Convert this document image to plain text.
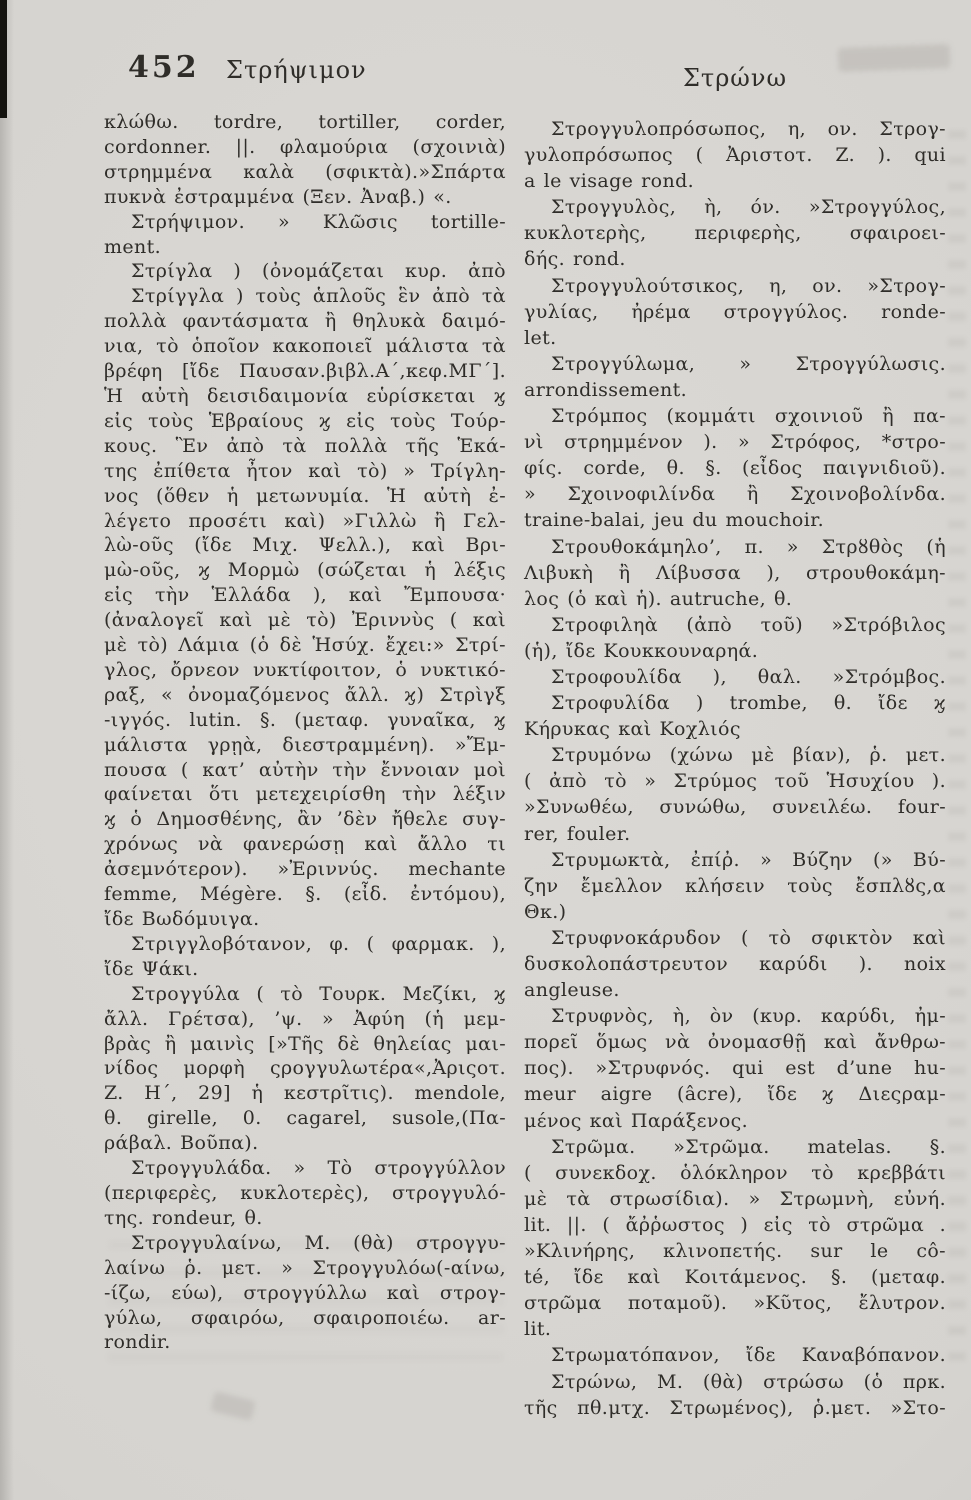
452 Στρήψιμον	Στρώνω
κλώθω. tordre, tortiller, corder,
cordonner. ||. φλαμούρια (σχοινιὰ)
στρημμένα καλὰ (σφικτὰ).»Σπάρτα
πυκνὰ ἐστραμμένα (Ξεν. Ἀναβ.) «.
Στρήψιμον. » Κλῶσις tortille-
ment.
Στρίγλα ) (ὀνομάζεται κυρ. ἀπὸ
Στρίγγλα ) τοὺς ἁπλοῦς ἓν ἀπὸ τὰ
πολλὰ φαντάσματα ἢ θηλυκὰ δαιμό-
νια, τὸ ὁποῖον κακοποιεῖ μάλιστα τὰ
βρέφη [ἴδε Παυσαν.βιβλ.Α΄,κεφ.ΜΓ΄].
Ἡ αὐτὴ δεισιδαιμονία εὑρίσκεται ϗ
εἰς τοὺς Ἑβραίους ϗ εἰς τοὺς Τούρ-
κους. Ἓν ἀπὸ τὰ πολλὰ τῆς Ἑκά-
της ἐπίθετα ἦτον καὶ τὸ) » Τρίγλη-
νος (ὅθεν ἡ μετωνυμία. Ἡ αὐτὴ ἐ-
λέγετο προσέτι καὶ) »Γιλλὼ ἢ Γελ-
λὼ-οῦς (ἴδε Μιχ. Ψελλ.), καὶ Βρι-
μὼ-οῦς, ϗ Μορμὼ (σώζεται ἡ λέξις
εἰς τὴν Ἑλλάδα ), καὶ Ἔμπουσα·
(ἀναλογεῖ καὶ μὲ τὸ) Ἐριννὺς ( καὶ
μὲ τὸ) Λάμια (ὁ δὲ Ἡσύχ. ἔχει:» Στρί-
γλος, ὄρνεον νυκτίφοιτον, ὁ νυκτικό-
ραξ, « ὀνομαζόμενος ἄλλ. ϗ) Στρὶγξ
-ιγγός. lutin. §. (μεταφ. γυναῖκα, ϗ
μάλιστα γρῃὰ, διεστραμμένη). »Ἔμ-
πουσα ( κατ’ αὐτὴν τὴν ἔννοιαν μοὶ
φαίνεται ὅτι μετεχειρίσθη τὴν λέξιν
ϗ ὁ Δημοσθένης, ἂν ’δὲν ἤθελε συγ-
χρόνως νὰ φανερώσῃ καὶ ἄλλο τι
ἀσεμνότερον). »Ἐριννύς. mechante
femme, Mégère. §. (εἶδ. ἐντόμου),
ἴδε Βωδόμυιγα.
Στριγγλοβότανον, φ. ( φαρμακ. ),
ἴδε Ψάκι.
Στρογγύλα ( τὸ Τουρκ. Μεζίκι, ϗ
ἄλλ. Γρέτσα), ’ψ. » Ἀφύη (ἡ μεμ-
βρὰς ἢ μαινὶς [»Τῆς δὲ θηλείας μαι-
νίδος μορφὴ ςρογγυλωτέρα«,Ἀριςοτ.
Z. Η΄, 29] ἡ κεστρῖτις). mendole,
θ. girelle, 0. cagarel, susole,(Πα-
ράβαλ. Βοῦπα).
Στρογγυλάδα. » Τὸ στρογγύλλον
(περιφερὲς, κυκλοτερὲς), στρογγυλό-
της. rondeur, θ.
Στρογγυλαίνω, Μ. (θὰ) στρογγυ-
λαίνω ῥ. μετ. » Στρογγυλόω(-αίνω,
-ίζω, εύω), στρογγύλλω καὶ στρογ-
γύλω, σφαιρόω, σφαιροποιέω. ar-
rondir.
Στρογγυλοπρόσωπος, η, ον. Στρογ-
γυλοπρόσωπος ( Ἀριστοτ. Z. ). qui
a le visage rond.
Στρογγυλὸς, ὴ, όν. »Στρογγύλος,
κυκλοτερὴς, περιφερὴς, σφαιροει-
δής. rond.
Στρογγυλούτσικος, η, ον. »Στρογ-
γυλίας, ἠρέμα στρογγύλος. ronde-
let.
Στρογγύλωμα, » Στρογγύλωσις.
arrondissement.
Στρόμπος (κομμάτι σχοινιοῦ ἢ πα-
νὶ στρημμένον ). » Στρόφος, *στρο-
φίς. corde, θ. §. (εἶδος παιγνιδιοῦ).
» Σχοινοφιλίνδα ἢ Σχοινοβολίνδα.
traine-balai, jeu du mouchoir.
Στρουθοκάμηλο’, π. » Στρȣθὸς (ἡ
Λιβυκὴ ἢ Λίβυσσα ), στρουθοκάμη-
λος (ὁ καὶ ἡ). autruche, θ.
Στροφιληὰ (ἀπὸ τοῦ) »Στρόβιλος
(ἡ), ἴδε Κουκκουναρηά.
Στροφουλίδα ), θαλ. »Στρόμβος.
Στροφυλίδα ) trombe, θ. ἴδε ϗ
Κήρυκας καὶ Κοχλιός
Στρυμόνω (χώνω μὲ βίαν), ῥ. μετ.
( ἀπὸ τὸ » Στρύμος τοῦ Ἡσυχίου ).
»Συνωθέω, συνώθω, συνειλέω. four-
rer, fouler.
Στρυμωκτὰ, ἐπίῤ. » Βύζην (» Βύ-
ζην ἔμελλον κλήσειν τοὺς ἔσπλȣς,α
Θκ.)
Στρυφνοκάρυδον ( τὸ σφικτὸν καὶ
δυσκολοπάστρευτον καρύδι ). noix
angleuse.
Στρυφνὸς, ὴ, ὸν (κυρ. καρύδι, ἠμ-
πορεῖ ὅμως νὰ ὀνομασθῇ καὶ ἄνθρω-
πος). »Στρυφνός. qui est d’une hu-
meur aigre (âcre), ἴδε ϗ Διεςραμ-
μένος καὶ Παράξενος.
Στρῶμα. »Στρῶμα. matelas. §.
( συνεκδοχ. ὁλόκληρον τὸ κρεββάτι
μὲ τὰ στρωσίδια). » Στρωμνὴ, εὐνή.
lit. ||. ( ἄῤῥωστος ) εἰς τὸ στρῶμα .
»Κλινήρης, κλινοπετής. sur le cô-
té, ἴδε καὶ Κοιτάμενος. §. (μεταφ.
στρῶμα ποταμοῦ). »Κῦτος, ἔλυτρον.
lit.
Στρωματόπανον, ἴδε Καναβόπανον.
Στρώνω, Μ. (θὰ) στρώσω (ὁ πρκ.
τῆς πθ.μτχ. Στρωμένος), ῥ.μετ. »Στο-
